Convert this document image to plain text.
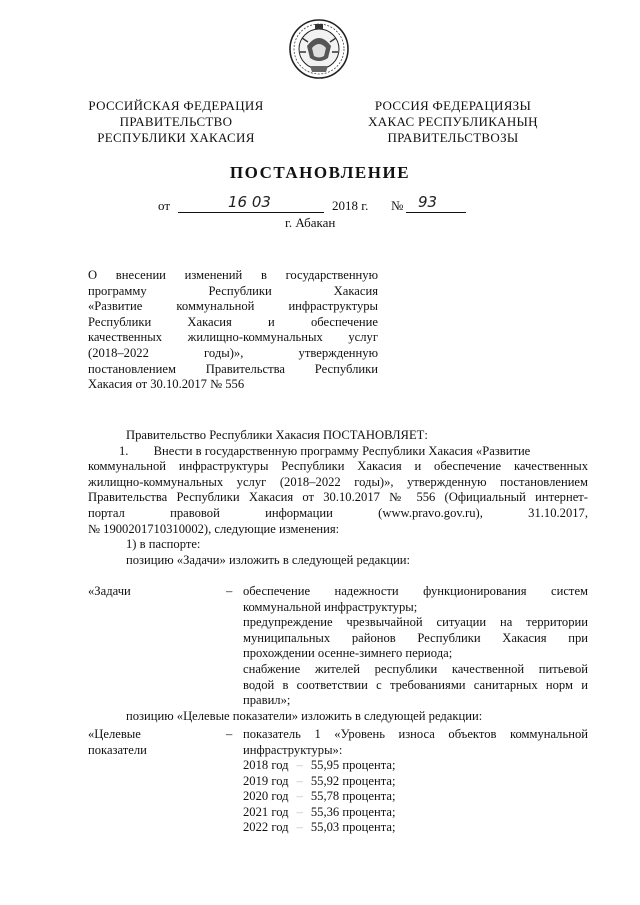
РОССИЙСКАЯ ФЕДЕРАЦИЯ
ПРАВИТЕЛЬСТВО
РЕСПУБЛИКИ ХАКАСИЯ
РОССИЯ ФЕДЕРАЦИЯЗЫ
ХАКАС РЕСПУБЛИКАНЫҢ
ПРАВИТЕЛЬСТВОЗЫ
ПОСТАНОВЛЕНИЕ
от	16 03	2018 г. № 93
г. Абакан
О внесении изменений в государственную
программу Республики Хакасия
«Развитие коммунальной инфраструктуры
Республики Хакасия и обеспечение
качественных жилищно-коммунальных услуг
(2018–2022 годы)», утвержденную
постановлением Правительства Республики
Хакасия от 30.10.2017 № 556
Правительство Республики Хакасия ПОСТАНОВЛЯЕТ:
1.  Внести в государственную программу Республики Хакасия «Развитие
коммунальной инфраструктуры Республики Хакасия и обеспечение качественных
жилищно-коммунальных услуг (2018–2022 годы)», утвержденную постановлением
Правительства Республики Хакасия от 30.10.2017 № 556 (Официальный интернет-
портал правовой информации (www.pravo.gov.ru), 31.10.2017,
№ 1900201710310002), следующие изменения:
1) в паспорте:
позицию «Задачи» изложить в следующей редакции:
«Задачи	– обеспечение надежности функционирования систем
коммунальной инфраструктуры;
предупреждение чрезвычайной ситуации на территории
муниципальных районов Республики Хакасия при
прохождении осенне-зимнего периода;
снабжение жителей республики качественной питьевой
водой в соответствии с требованиями санитарных норм и
правил»;
позицию «Целевые показатели» изложить в следующей редакции:
«Целевые
показатели
– показатель 1 «Уровень износа объектов коммунальной
инфраструктуры»:
2018 год – 55,95 процента;
2019 год – 55,92 процента;
2020 год – 55,78 процента;
2021 год – 55,36 процента;
2022 год – 55,03 процента;
